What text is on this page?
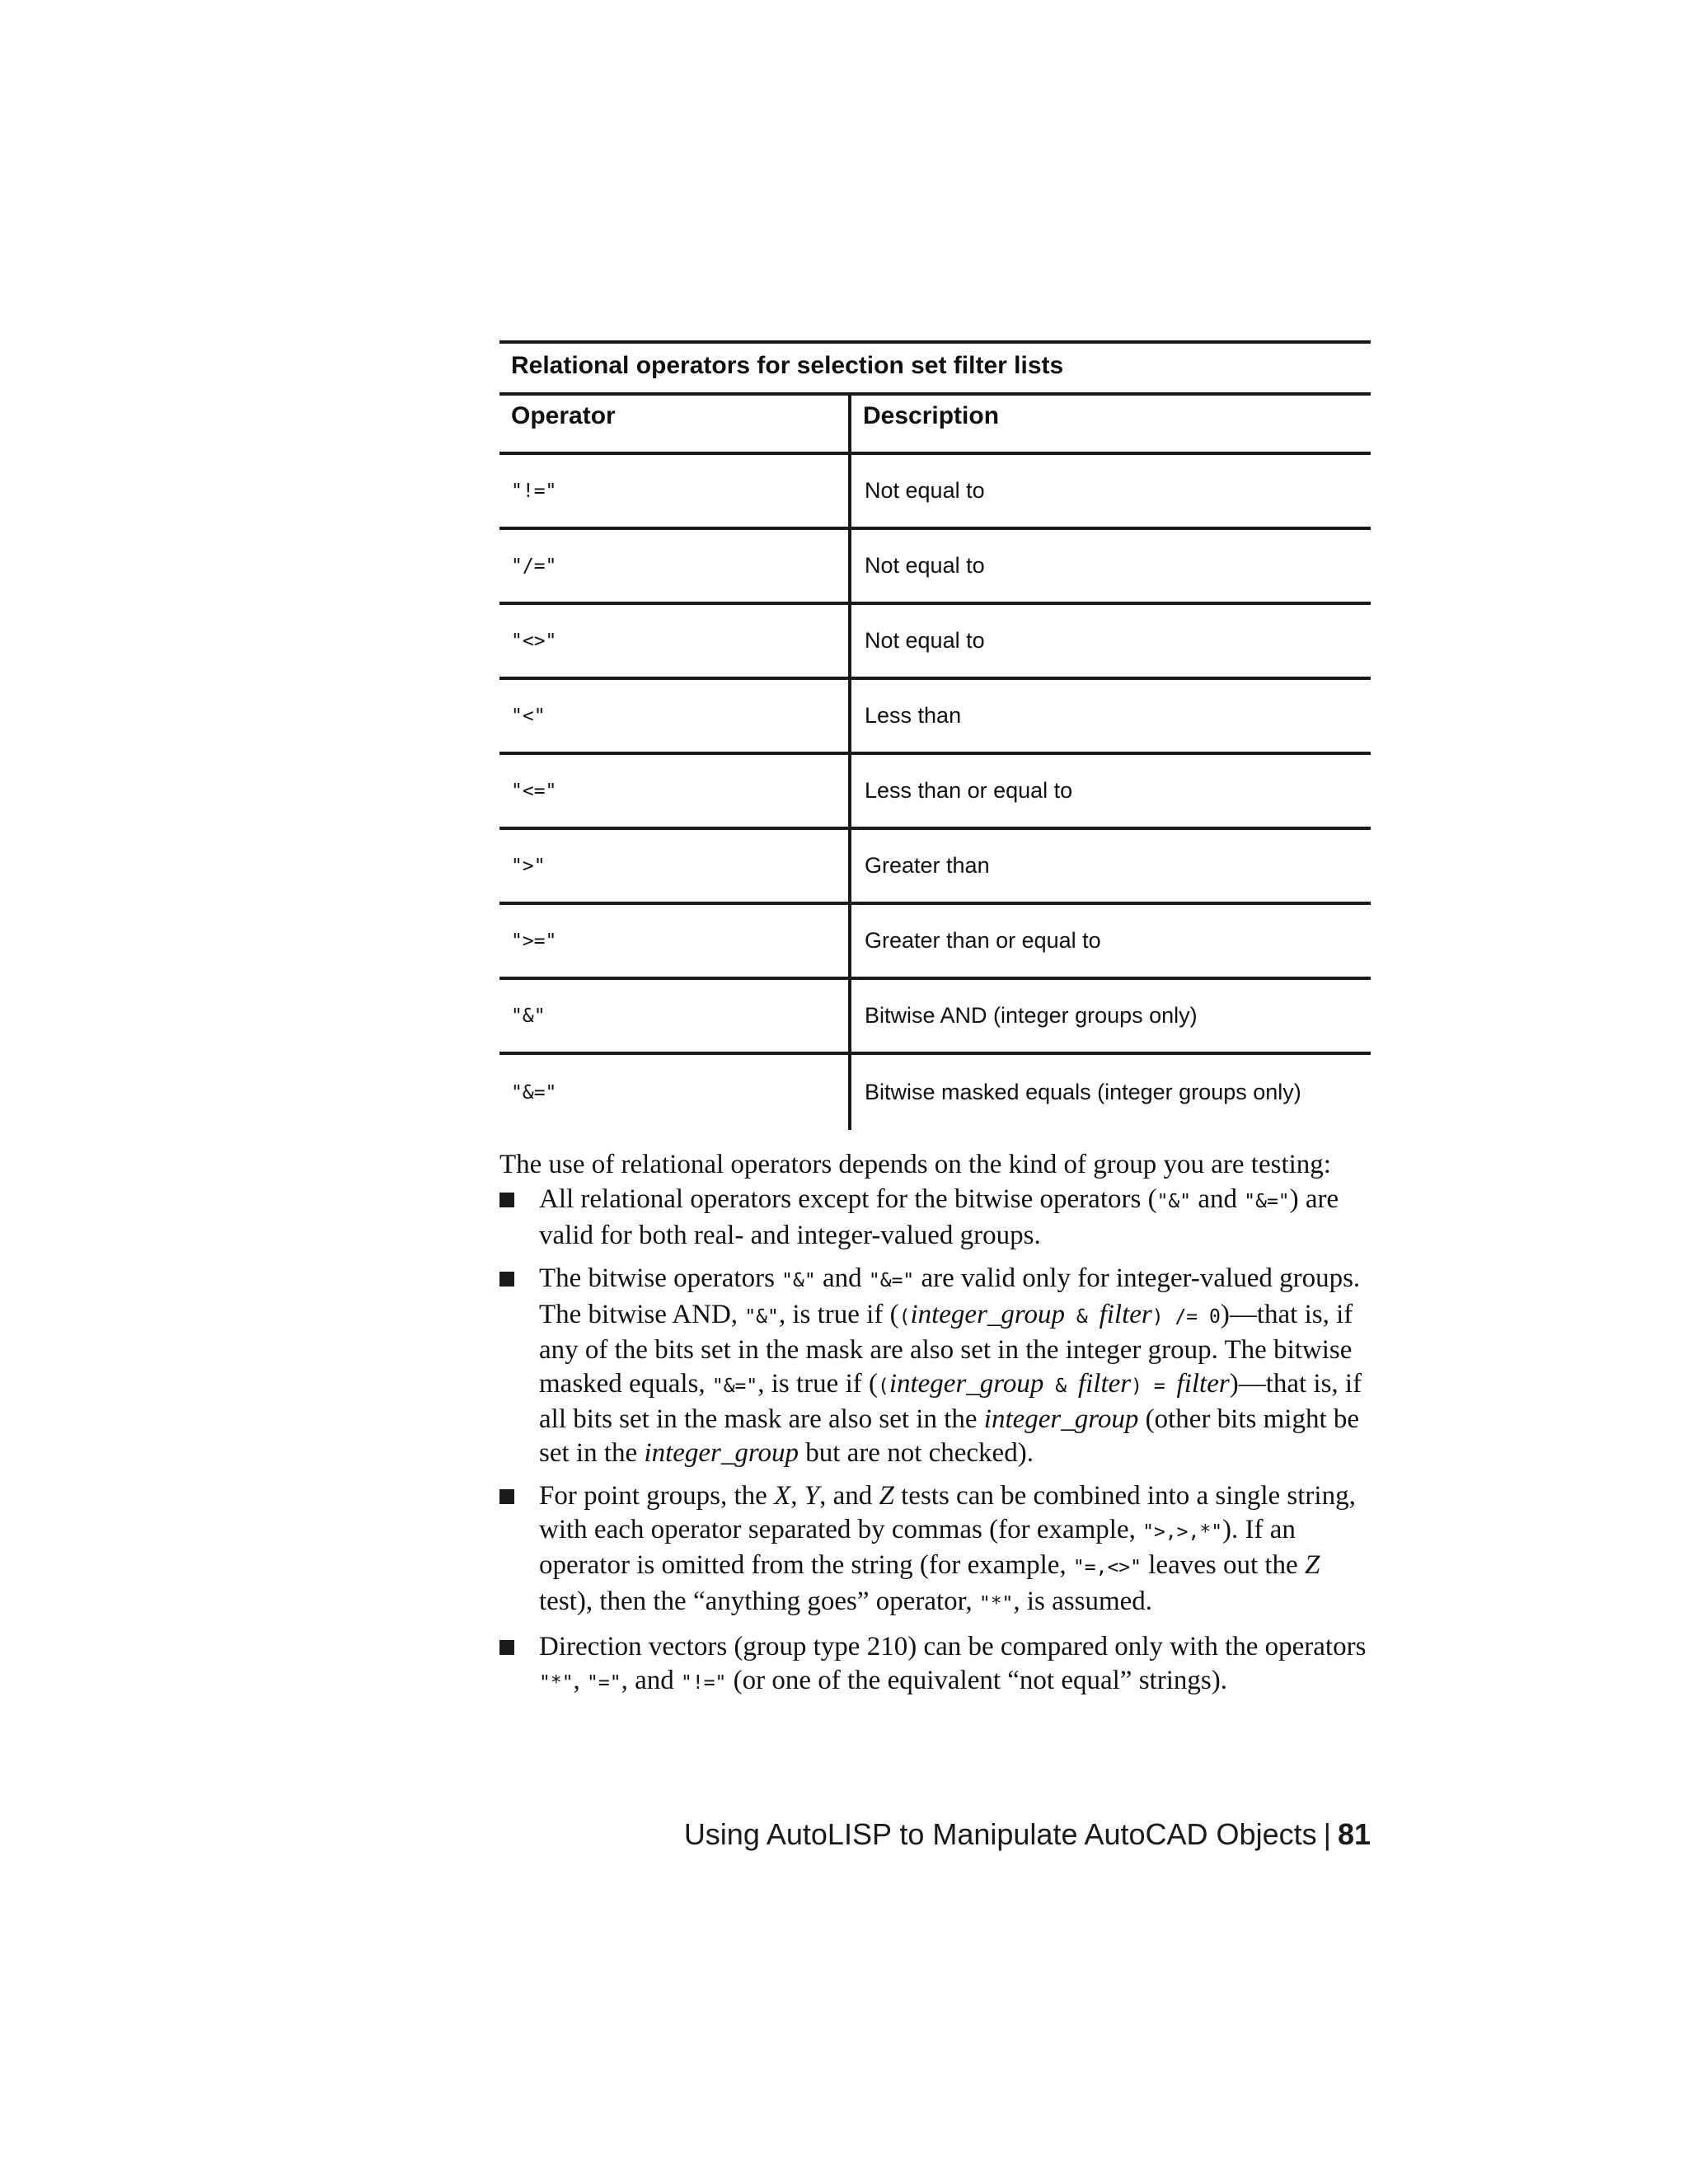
Relational operators for selection set filter lists
Operator	Description
"!="	Not equal to
"/="	Not equal to
"<>"	Not equal to
"<"	Less than
"<="	Less than or equal to
">"	Greater than
">="	Greater than or equal to
"&"	Bitwise AND (integer groups only)
"&="	Bitwise masked equals (integer groups only)
The use of relational operators depends on the kind of group you are testing:
All relational operators except for the bitwise operators ("&" and "&=") are valid for both real- and integer-valued groups.
The bitwise operators "&" and "&=" are valid only for integer-valued groups. The bitwise AND, "&", is true if ((integer_group & filter) /= 0)—that is, if any of the bits set in the mask are also set in the integer group. The bitwise masked equals, "&=", is true if ((integer_group & filter) = filter)—that is, if all bits set in the mask are also set in the integer_group (other bits might be set in the integer_group but are not checked).
For point groups, the X, Y, and Z tests can be combined into a single string, with each operator separated by commas (for example, ">,>,*"). If an operator is omitted from the string (for example, "=,<>" leaves out the Z test), then the “anything goes” operator, "*", is assumed.
Direction vectors (group type 210) can be compared only with the operators "*", "=", and "!=" (or one of the equivalent “not equal” strings).
Using AutoLISP to Manipulate AutoCAD Objects | 81
